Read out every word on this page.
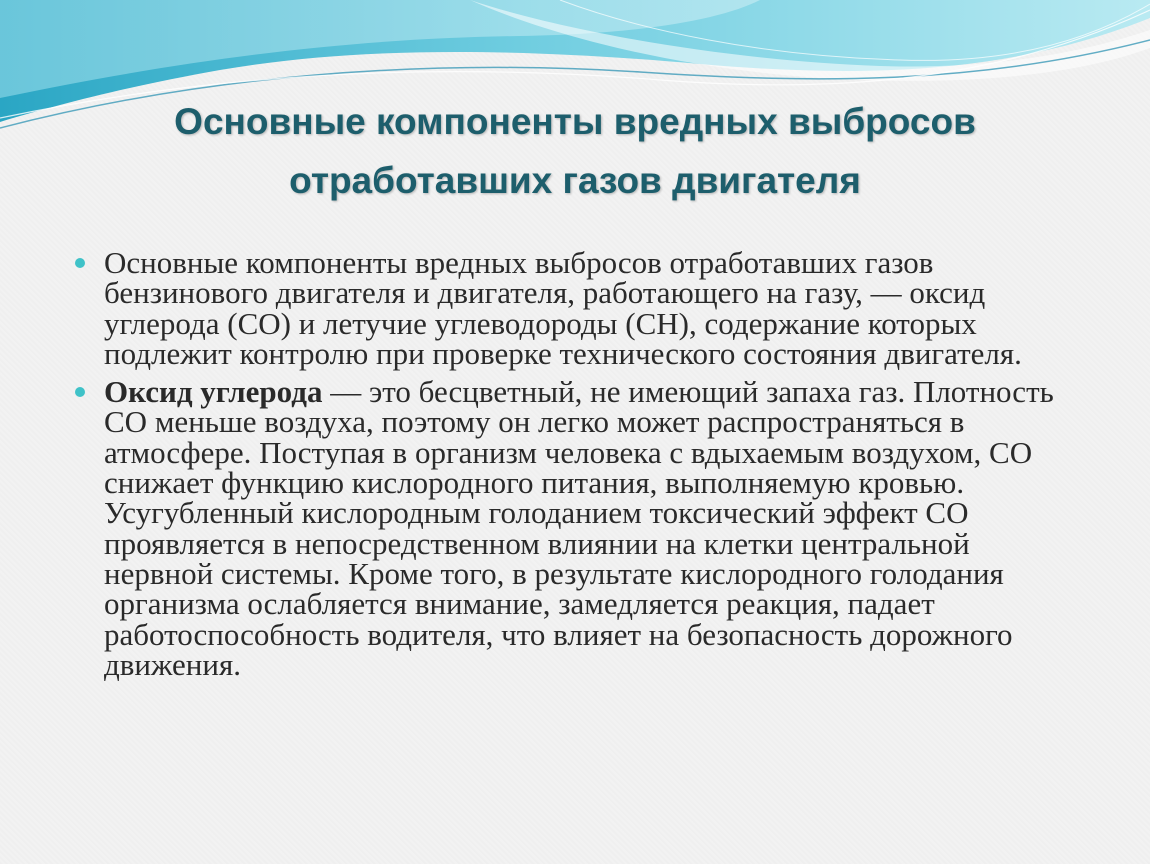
Основные компоненты вредных выбросов
отработавших газов двигателя
Основные компоненты вредных выбросов отработавших газов бензинового двигателя и двигателя, работающего на газу, — оксид углерода (СО) и летучие углеводороды (СН), содержание которых подлежит контролю при проверке технического состояния двигателя.
Оксид углерода — это бесцветный, не имеющий запаха газ. Плотность СО меньше воздуха, поэтому он легко может распространяться в атмосфере. Поступая в организм человека с вдыхаемым воздухом, СО снижает функцию кислородного питания, выполняемую кровью. Усугубленный кислородным голоданием токсический эффект СО проявляется в непосредственном влиянии на клетки центральной нервной системы. Кроме того, в результате кислородного голодания организма ослабляется внимание, замедляется реакция, падает работоспособность водителя, что влияет на безопасность дорожного движения.
